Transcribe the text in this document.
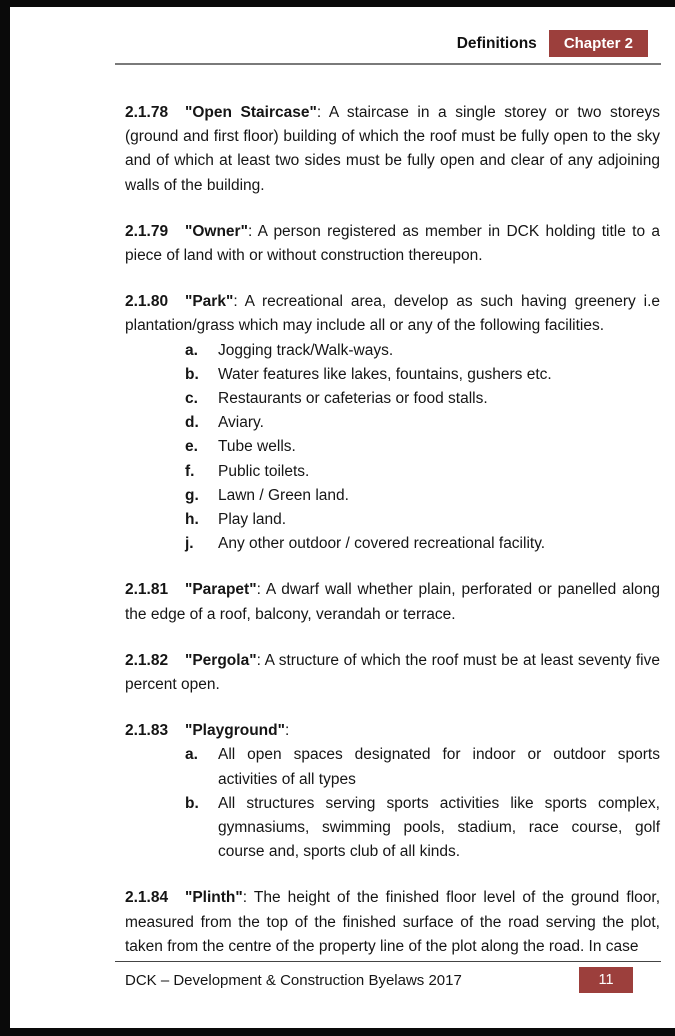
Definitions	Chapter 2

2.1.78 "Open Staircase": A staircase in a single storey or two storeys (ground and first floor) building of which the roof must be fully open to the sky and of which at least two sides must be fully open and clear of any adjoining walls of the building.

2.1.79 "Owner": A person registered as member in DCK holding title to a piece of land with or without construction thereupon.

2.1.80 "Park": A recreational area, develop as such having greenery i.e plantation/grass which may include all or any of the following facilities.

a.	Jogging track/Walk-ways.
b.	Water features like lakes, fountains, gushers etc.
c.	Restaurants or cafeterias or food stalls.
d.	Aviary.
e.	Tube wells.
f.	Public toilets.
g.	Lawn / Green land.
h.	Play land.
j.	Any other outdoor / covered recreational facility.

2.1.81 "Parapet": A dwarf wall whether plain, perforated or panelled along the edge of a roof, balcony, verandah or terrace.

2.1.82 "Pergola": A structure of which the roof must be at least seventy five percent open.

2.1.83 "Playground":

a.	All open spaces designated for indoor or outdoor sports activities of all types
b.	All structures serving sports activities like sports complex, gymnasiums, swimming pools, stadium, race course, golf course and, sports club of all kinds.

2.1.84 "Plinth": The height of the finished floor level of the ground floor, measured from the top of the finished surface of the road serving the plot, taken from the centre of the property line of the plot along the road. In case

DCK – Development & Construction Byelaws 2017	11
